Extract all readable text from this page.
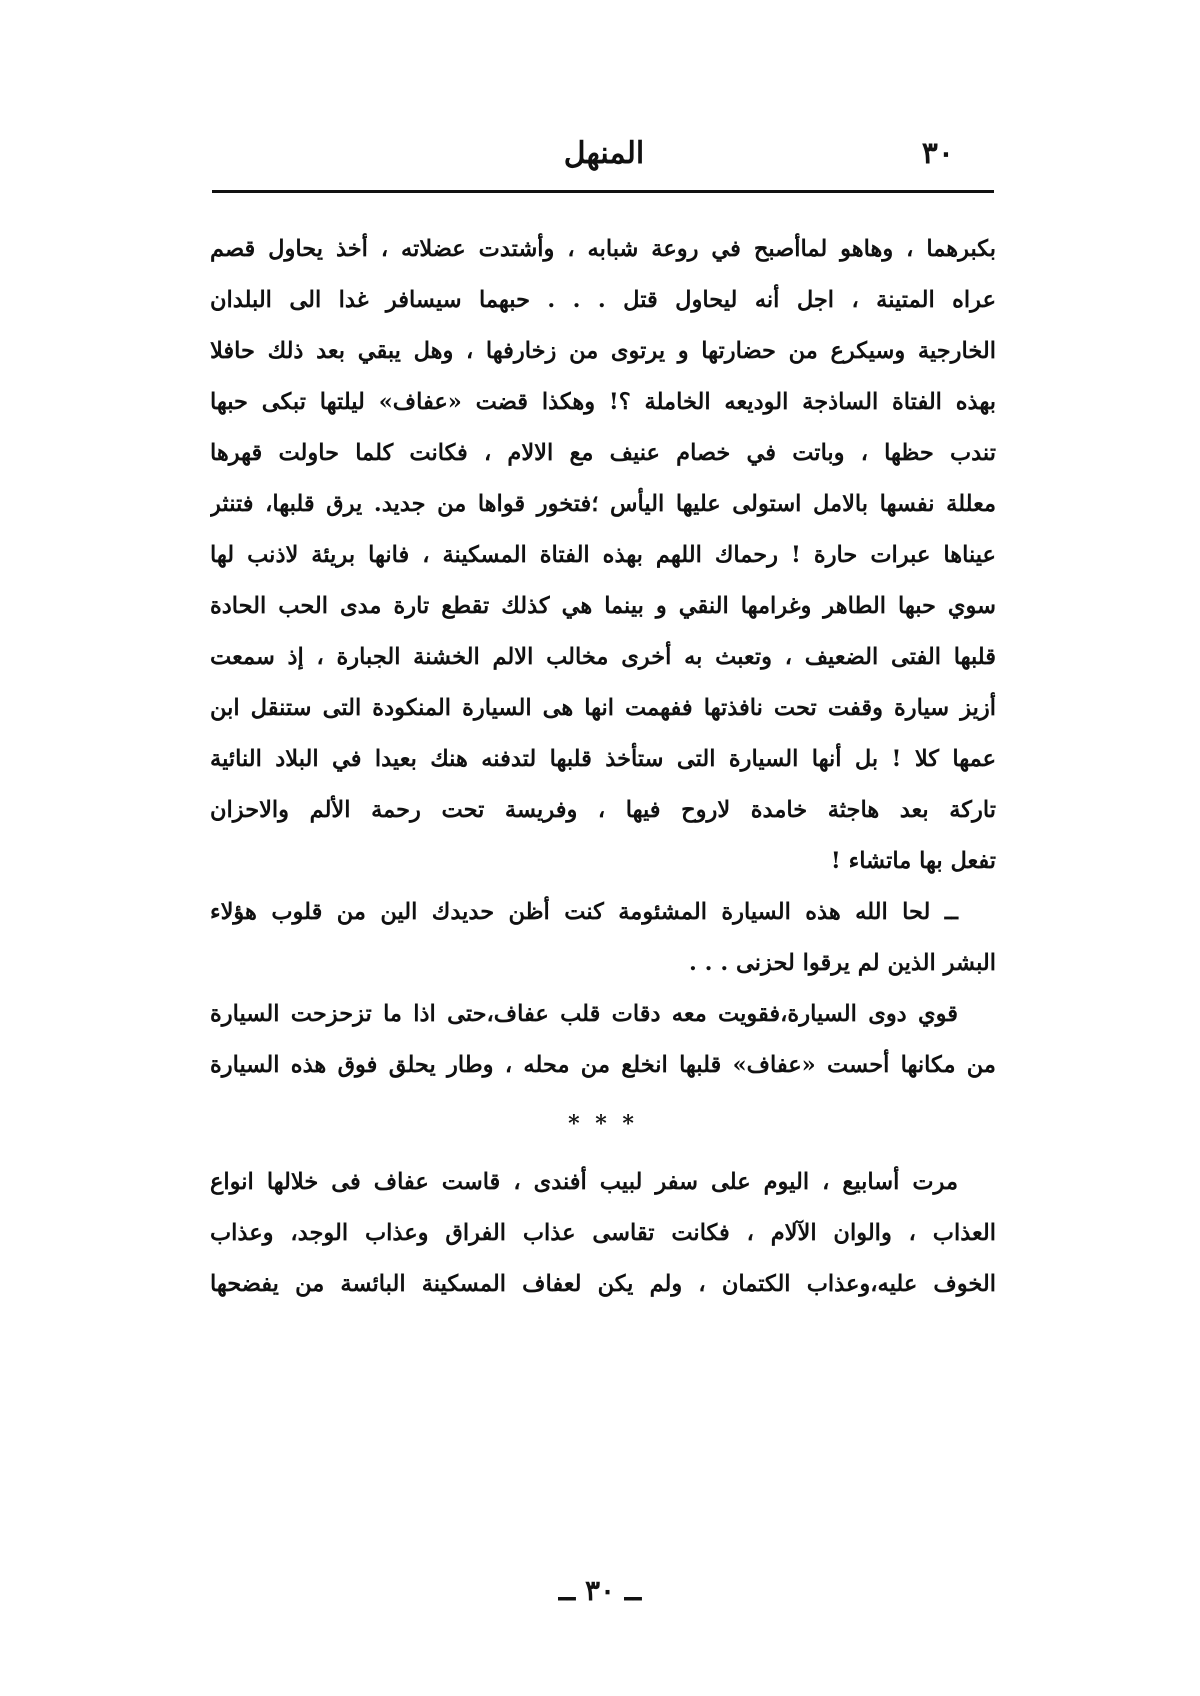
٣٠
المنهل
بكبرهما ، وهاهو لماأصبح في روعة شبابه ، وأشتدت عضلاته ، أخذ يحاول قصم
عراه المتينة ، اجل أنه ليحاول قتل . . . حبهما سيسافر غدا الى البلدان
الخارجية وسيكرع من حضارتها و يرتوى من زخارفها ، وهل يبقي بعد ذلك حافلا
بهذه الفتاة الساذجة الوديعه الخاملة ؟! وهكذا قضت «عفاف» ليلتها تبكى حبها
تندب حظها ، وباتت في خصام عنيف مع الالام ، فكانت كلما حاولت قهرها
معللة نفسها بالامل استولى عليها اليأس ؛فتخور قواها من جديد. يرق قلبها، فتنثر
عيناها عبرات حارة ! رحماك اللهم بهذه الفتاة المسكينة ، فانها بريئة لاذنب لها
سوي حبها الطاهر وغرامها النقي و بينما هي كذلك تقطع تارة مدى الحب الحادة
قلبها الفتى الضعيف ، وتعبث به أخرى مخالب الالم الخشنة الجبارة ، إذ سمعت
أزيز سيارة وقفت تحت نافذتها ففهمت انها هى السيارة المنكودة التى ستنقل ابن
عمها كلا ! بل أنها السيارة التى ستأخذ قلبها لتدفنه هنك بعيدا في البلاد النائية
تاركة بعد هاجثة خامدة لاروح فيها ، وفريسة تحت رحمة الألم والاحزان
تفعل بها ماتشاء !
ــ لحا الله هذه السيارة المشئومة كنت أظن حديدك الين من قلوب هؤلاء
البشر الذين لم يرقوا لحزنى . . .
قوي دوى السيارة،فقويت معه دقات قلب عفاف،حتى اذا ما تزحزحت السيارة
من مكانها أحست «عفاف» قلبها انخلع من محله ، وطار يحلق فوق هذه السيارة
* * *
مرت أسابيع ، اليوم على سفر لبيب أفندى ، قاست عفاف فى خلالها انواع
العذاب ، والوان الآلام ، فكانت تقاسى عذاب الفراق وعذاب الوجد، وعذاب
الخوف عليه،وعذاب الكتمان ، ولم يكن لعفاف المسكينة البائسة من يفضحها
ــ ٣٠ ــ
